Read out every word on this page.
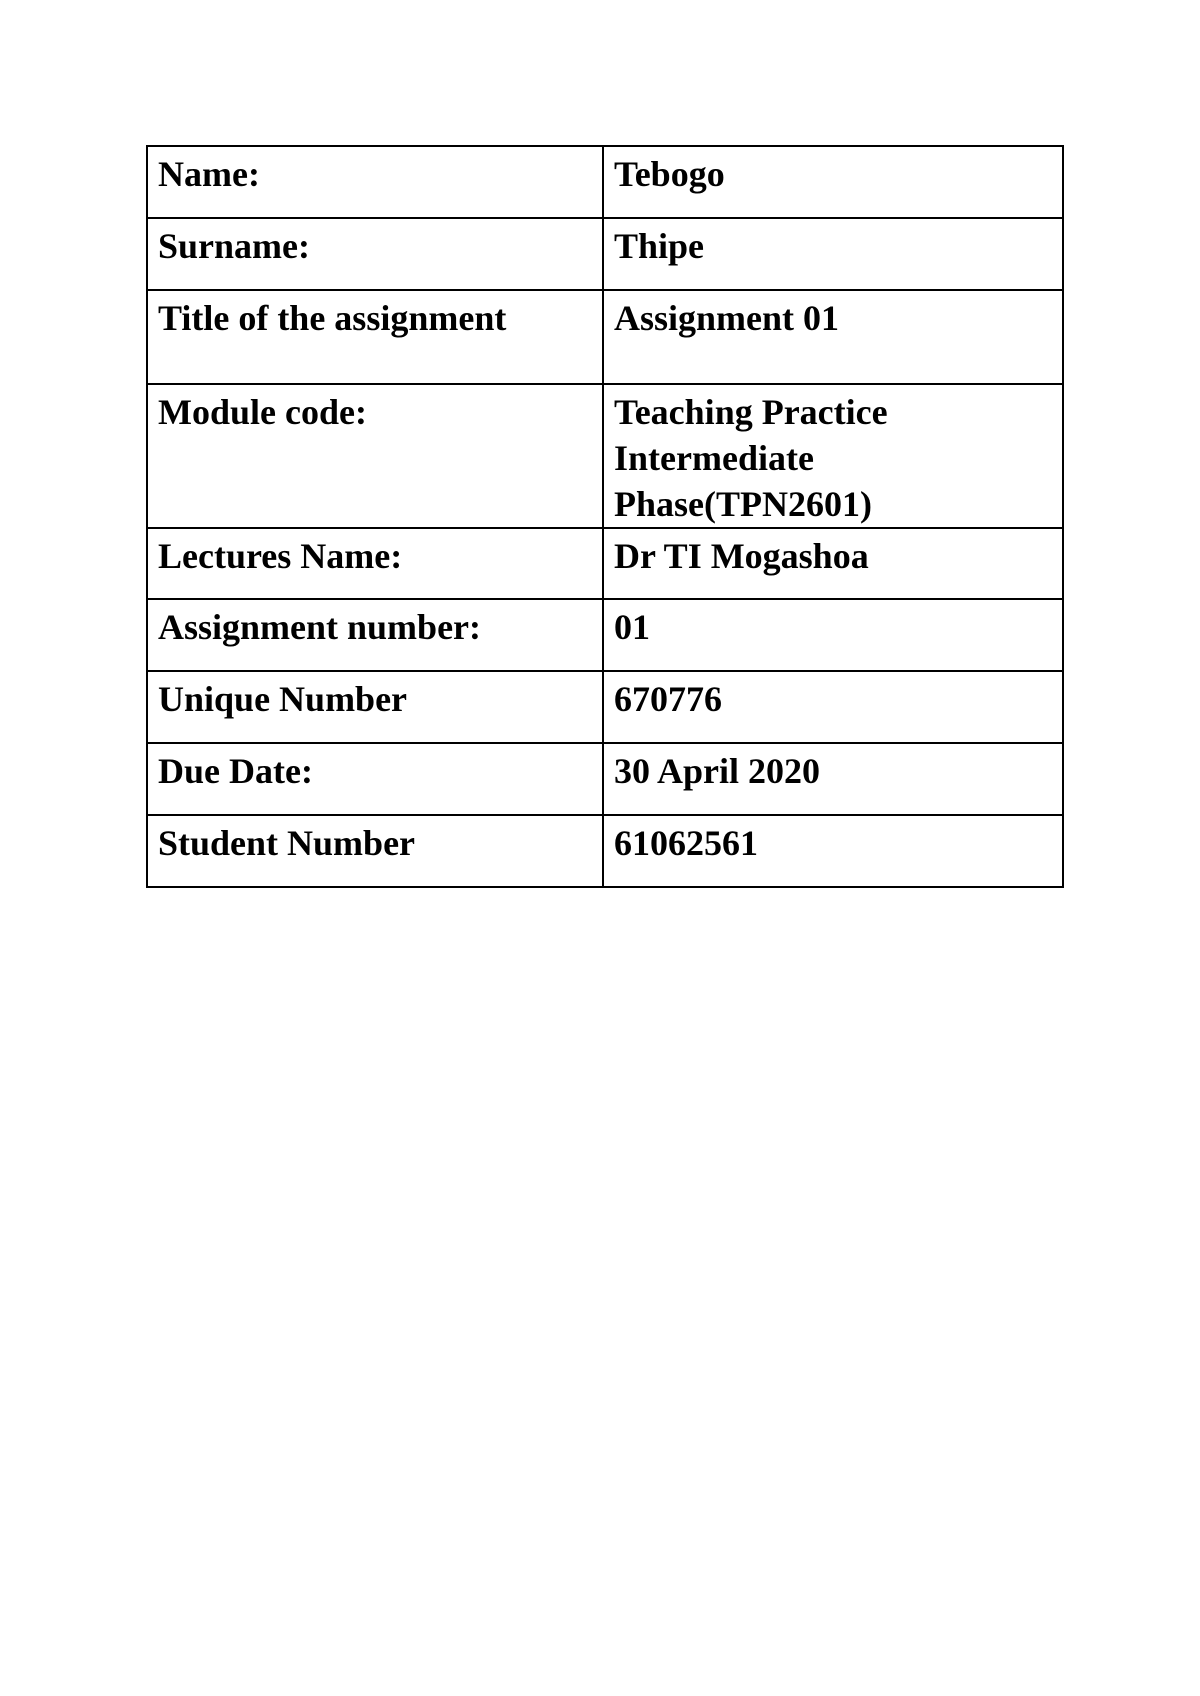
Name:	Tebogo
Surname:	Thipe
Title of the assignment	Assignment 01
Module code:	Teaching Practice Intermediate Phase(TPN2601)
Lectures Name:	Dr TI Mogashoa
Assignment number:	01
Unique Number	670776
Due Date:	30 April 2020
Student Number	61062561
